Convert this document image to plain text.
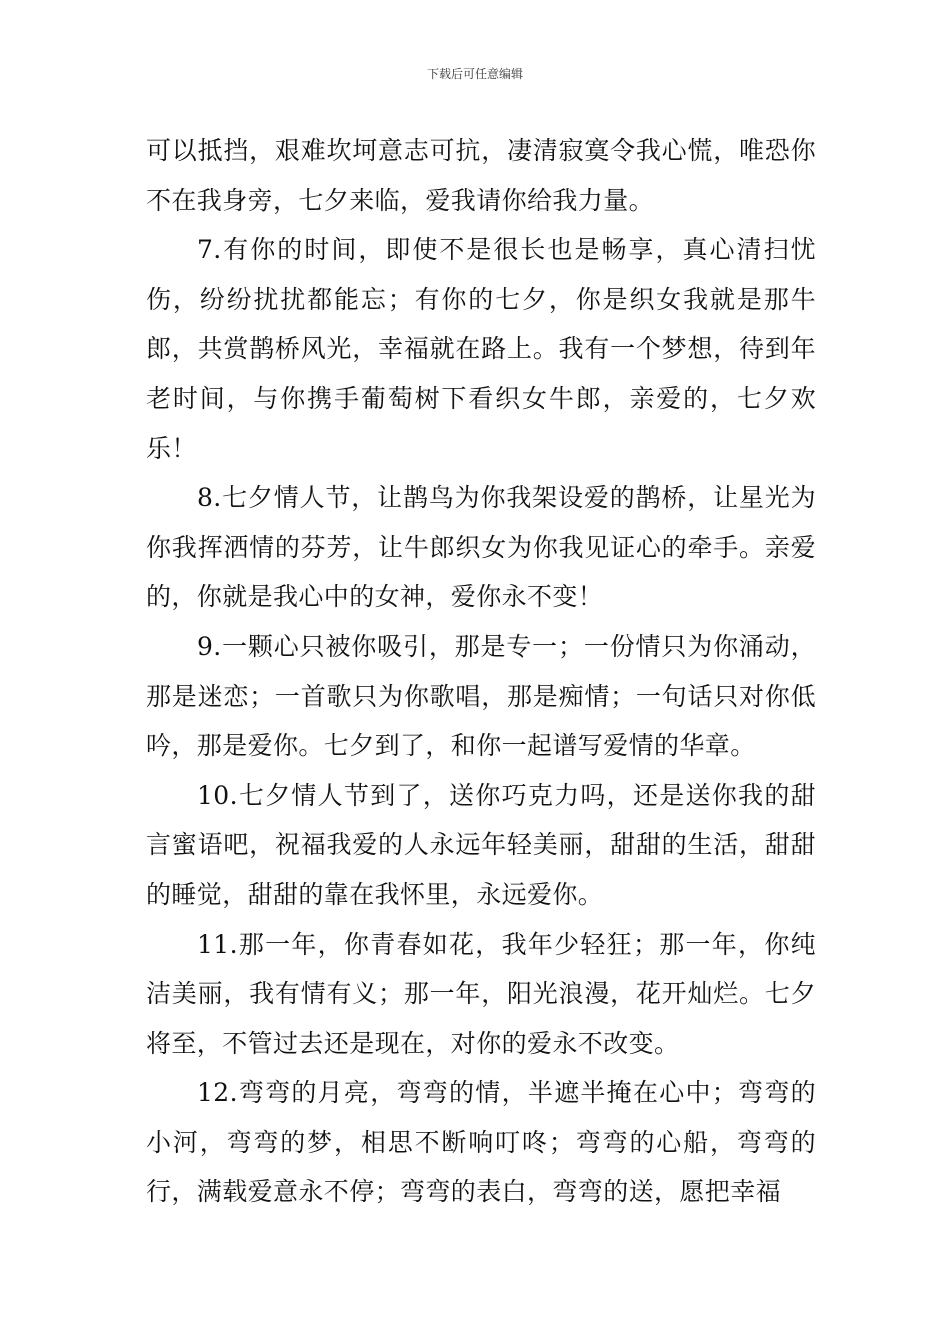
下载后可任意编辑

可以抵挡，艰难坎坷意志可抗，凄清寂寞令我心慌，唯恐你不在我身旁，七夕来临，爱我请你给我力量。

7.有你的时间，即使不是很长也是畅享，真心清扫忧伤，纷纷扰扰都能忘；有你的七夕，你是织女我就是那牛郎，共赏鹊桥风光，幸福就在路上。我有一个梦想，待到年老时间，与你携手葡萄树下看织女牛郎，亲爱的，七夕欢乐！

8.七夕情人节，让鹊鸟为你我架设爱的鹊桥，让星光为你我挥洒情的芬芳，让牛郎织女为你我见证心的牵手。亲爱的，你就是我心中的女神，爱你永不变！

9.一颗心只被你吸引，那是专一；一份情只为你涌动，那是迷恋；一首歌只为你歌唱，那是痴情；一句话只对你低吟，那是爱你。七夕到了，和你一起谱写爱情的华章。

10.七夕情人节到了，送你巧克力吗，还是送你我的甜言蜜语吧，祝福我爱的人永远年轻美丽，甜甜的生活，甜甜的睡觉，甜甜的靠在我怀里，永远爱你。

11.那一年，你青春如花，我年少轻狂；那一年，你纯洁美丽，我有情有义；那一年，阳光浪漫，花开灿烂。七夕将至，不管过去还是现在，对你的爱永不改变。

12.弯弯的月亮，弯弯的情，半遮半掩在心中；弯弯的小河，弯弯的梦，相思不断响叮咚；弯弯的心船，弯弯的行，满载爱意永不停；弯弯的表白，弯弯的送，愿把幸福
